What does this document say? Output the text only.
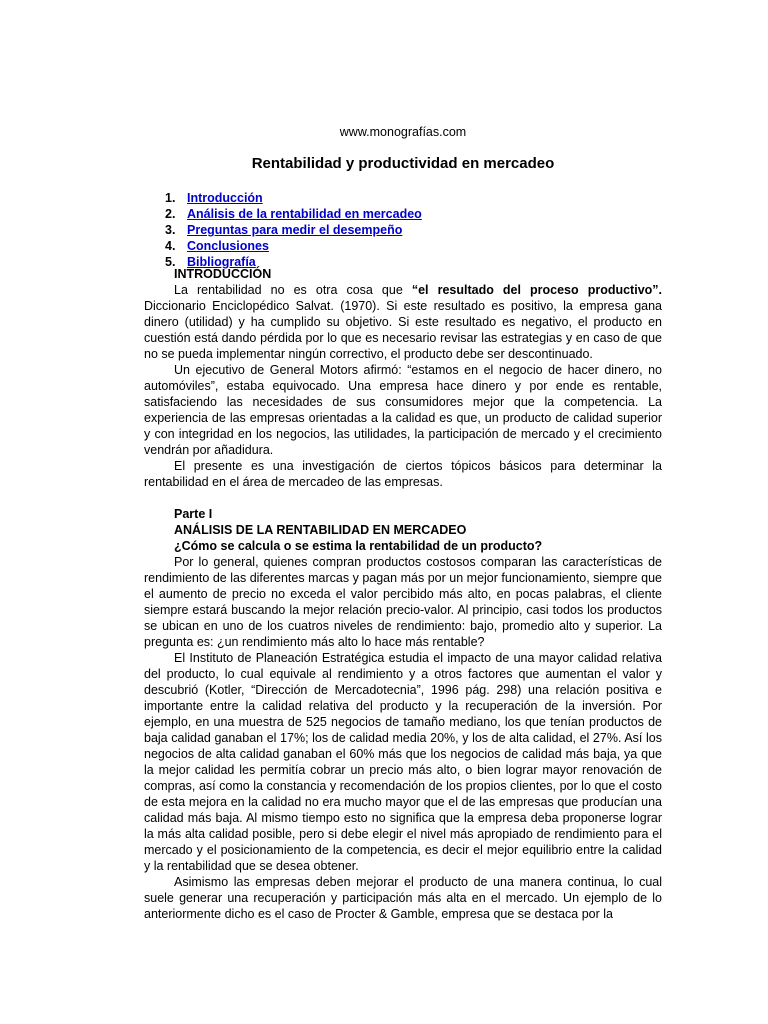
www.monografías.com
Rentabilidad y productividad en mercadeo
1. Introducción
2. Análisis de la rentabilidad en mercadeo
3. Preguntas para medir el desempeño
4. Conclusiones
5. Bibliografía

INTRODUCCIÓN

La rentabilidad no es otra cosa que “el resultado del proceso productivo”. Diccionario Enciclopédico Salvat. (1970). Si este resultado es positivo, la empresa gana dinero (utilidad) y ha cumplido su objetivo. Si este resultado es negativo, el producto en cuestión está dando pérdida por lo que es necesario revisar las estrategias y en caso de que no se pueda implementar ningún correctivo, el producto debe ser descontinuado.

Un ejecutivo de General Motors afirmó: “estamos en el negocio de hacer dinero, no automóviles”, estaba equivocado. Una empresa hace dinero y por ende es rentable, satisfaciendo las necesidades de sus consumidores mejor que la competencia. La experiencia de las empresas orientadas a la calidad es que, un producto de calidad superior y con integridad en los negocios, las utilidades, la participación de mercado y el crecimiento vendrán por añadidura.

El presente es una investigación de ciertos tópicos básicos para determinar la rentabilidad en el área de mercadeo de las empresas.

Parte I

ANÁLISIS DE LA RENTABILIDAD EN MERCADEO

¿Cómo se calcula o se estima la rentabilidad de un producto?

Por lo general, quienes compran productos costosos comparan las características de rendimiento de las diferentes marcas y pagan más por un mejor funcionamiento, siempre que el aumento de precio no exceda el valor percibido más alto, en pocas palabras, el cliente siempre estará buscando la mejor relación precio-valor. Al principio, casi todos los productos se ubican en uno de los cuatros niveles de rendimiento: bajo, promedio alto y superior. La pregunta es: ¿un rendimiento más alto lo hace más rentable?

El Instituto de Planeación Estratégica estudia el impacto de una mayor calidad relativa del producto, lo cual equivale al rendimiento y a otros factores que aumentan el valor y descubrió (Kotler, “Dirección de Mercadotecnia”, 1996 pág. 298) una relación positiva e importante entre la calidad relativa del producto y la recuperación de la inversión. Por ejemplo, en una muestra de 525 negocios de tamaño mediano, los que tenían productos de baja calidad ganaban el 17%; los de calidad media 20%, y los de alta calidad, el 27%. Así los negocios de alta calidad ganaban el 60% más que los negocios de calidad más baja, ya que la mejor calidad les permitía cobrar un precio más alto, o bien lograr mayor renovación de compras, así como la constancia y recomendación de los propios clientes, por lo que el costo de esta mejora en la calidad no era mucho mayor que el de las empresas que producían una calidad más baja. Al mismo tiempo esto no significa que la empresa deba proponerse lograr la más alta calidad posible, pero si debe elegir el nivel más apropiado de rendimiento para el mercado y el posicionamiento de la competencia, es decir el mejor equilibrio entre la calidad y la rentabilidad que se desea obtener.

Asimismo las empresas deben mejorar el producto de una manera continua, lo cual suele generar una recuperación y participación más alta en el mercado. Un ejemplo de lo anteriormente dicho es el caso de Procter & Gamble, empresa que se destaca por la
